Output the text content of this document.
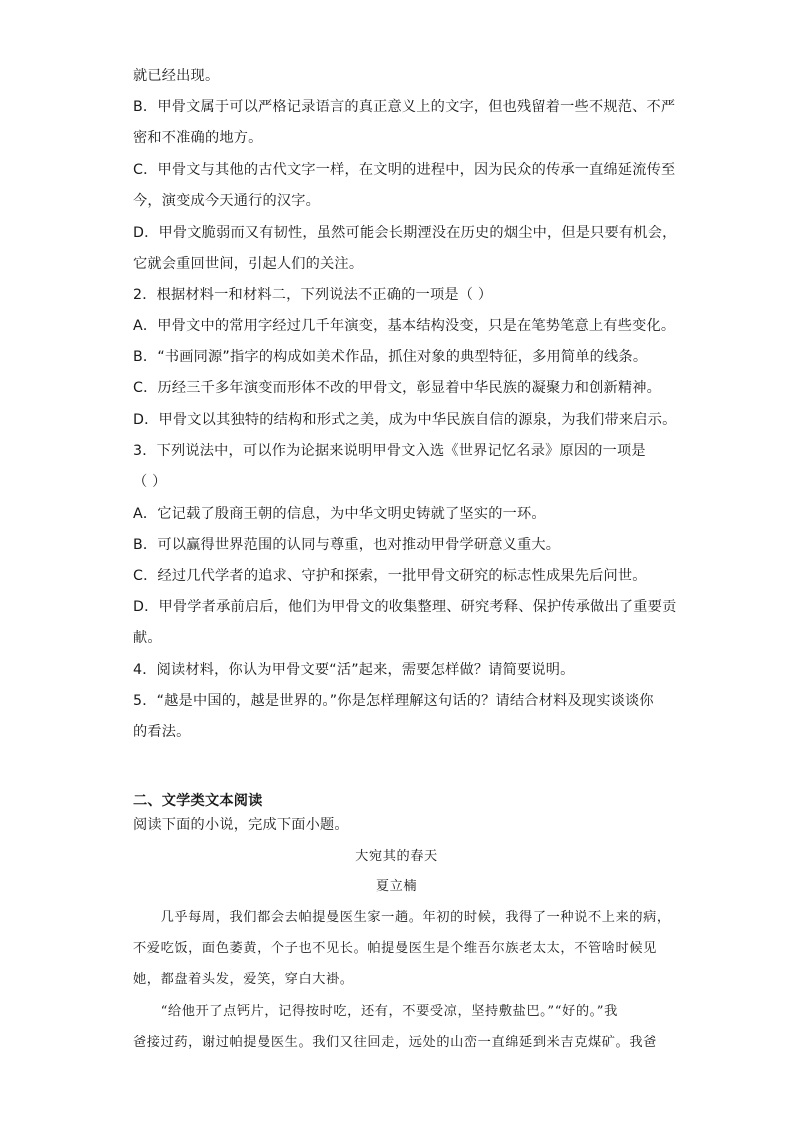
就已经出现。
B．甲骨文属于可以严格记录语言的真正意义上的文字，但也残留着一些不规范、不严
密和不准确的地方。
C．甲骨文与其他的古代文字一样，在文明的进程中，因为民众的传承一直绵延流传至
今，演变成今天通行的汉字。
D．甲骨文脆弱而又有韧性，虽然可能会长期湮没在历史的烟尘中，但是只要有机会，
它就会重回世间，引起人们的关注。
2．根据材料一和材料二，下列说法不正确的一项是（ ）
A．甲骨文中的常用字经过几千年演变，基本结构没变，只是在笔势笔意上有些变化。
B．“书画同源”指字的构成如美术作品，抓住对象的典型特征，多用简单的线条。
C．历经三千多年演变而形体不改的甲骨文，彰显着中华民族的凝聚力和创新精神。
D．甲骨文以其独特的结构和形式之美，成为中华民族自信的源泉，为我们带来启示。
3．下列说法中，可以作为论据来说明甲骨文入选《世界记忆名录》原因的一项是
（ ）
A．它记载了殷商王朝的信息，为中华文明史铸就了坚实的一环。
B．可以赢得世界范围的认同与尊重，也对推动甲骨学研意义重大。
C．经过几代学者的追求、守护和探索，一批甲骨文研究的标志性成果先后问世。
D．甲骨学者承前启后，他们为甲骨文的收集整理、研究考释、保护传承做出了重要贡
献。
4．阅读材料，你认为甲骨文要“活”起来，需要怎样做？请简要说明。
5．“越是中国的，越是世界的。”你是怎样理解这句话的？请结合材料及现实谈谈你
的看法。
二、文学类文本阅读
阅读下面的小说，完成下面小题。
大宛其的春天
夏立楠
　　几乎每周，我们都会去帕提曼医生家一趟。年初的时候，我得了一种说不上来的病，
不爱吃饭，面色萎黄，个子也不见长。帕提曼医生是个维吾尔族老太太，不管啥时候见
她，都盘着头发，爱笑，穿白大褂。
　　“给他开了点钙片，记得按时吃，还有，不要受凉，坚持敷盐巴。”“好的。”我
爸接过药，谢过帕提曼医生。我们又往回走，远处的山峦一直绵延到米吉克煤矿。我爸
